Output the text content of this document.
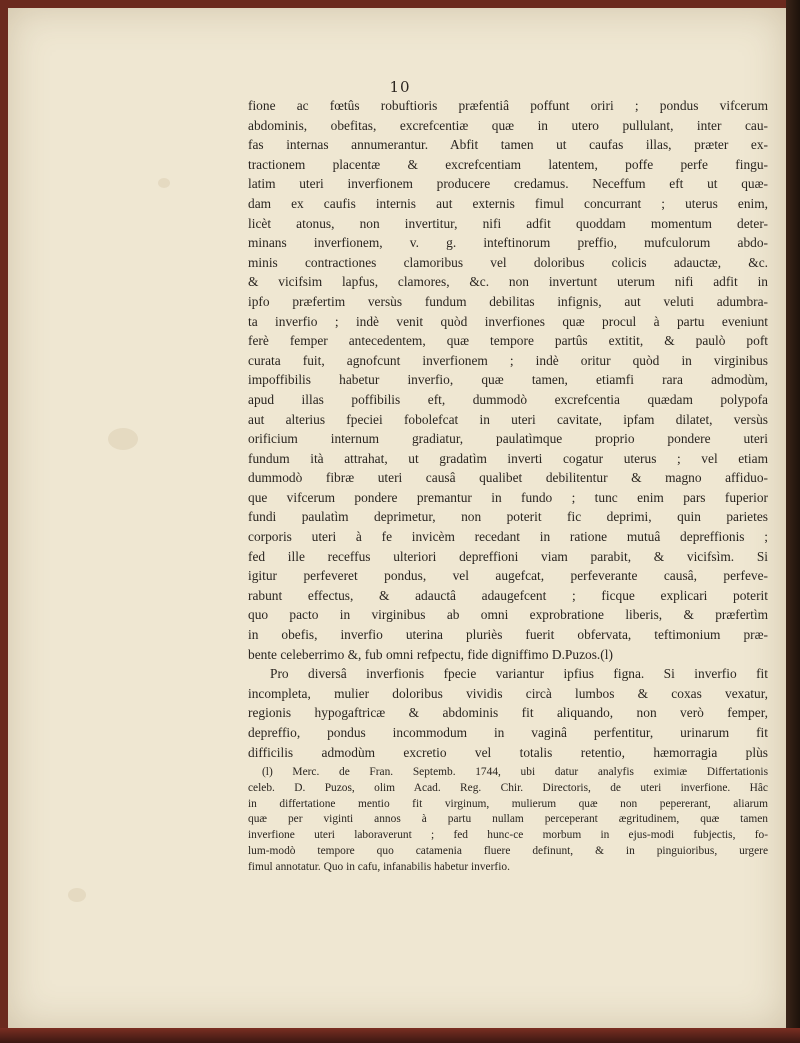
10
fione ac fœtûs robuftioris præfentiâ poffunt oriri ; pondus vifcerum
abdominis, obefitas, excrefcentiæ quæ in utero pullulant, inter cau-
fas internas annumerantur. Abfit tamen ut caufas illas, præter ex-
tractionem placentæ & excrefcentiam latentem, poffe perfe fingu-
latim uteri inverfionem producere credamus. Neceffum eft ut quæ-
dam ex caufis internis aut externis fimul concurrant ; uterus enim,
licèt atonus, non invertitur, nifi adfit quoddam momentum deter-
minans inverfionem, v. g. inteftinorum preffio, mufculorum abdo-
minis contractiones clamoribus vel doloribus colicis adauctæ, &c.
& vicifsim lapfus, clamores, &c. non invertunt uterum nifi adfit in
ipfo præfertim versùs fundum debilitas infignis, aut veluti adumbra-
ta inverfio ; indè venit quòd inverfiones quæ procul à partu eveniunt
ferè femper antecedentem, quæ tempore partûs extitit, & paulò poft
curata fuit, agnofcunt inverfionem ; indè oritur quòd in virginibus
impoffibilis habetur inverfio, quæ tamen, etiamfi rara admodùm,
apud illas poffibilis eft, dummodò excrefcentia quædam polypofa
aut alterius fpeciei fobolefcat in uteri cavitate, ipfam dilatet, versùs
orificium internum gradiatur, paulatìmque proprio pondere uteri
fundum ità attrahat, ut gradatìm inverti cogatur uterus ; vel etiam
dummodò fibræ uteri causâ qualibet debilitentur & magno affiduo-
que vifcerum pondere premantur in fundo ; tunc enim pars fuperior
fundi paulatìm deprimetur, non poterit fic deprimi, quin parietes
corporis uteri à fe invicèm recedant in ratione mutuâ depreffionis ;
fed ille receffus ulteriori depreffioni viam parabit, & vicifsìm. Si
igitur perfeveret pondus, vel augefcat, perfeverante causâ, perfeve-
rabunt effectus, & adauctâ adaugefcent ; ficque explicari poterit
quo pacto in virginibus ab omni exprobratione liberis, & præfertìm
in obefis, inverfio uterina pluriès fuerit obfervata, teftimonium præ-
bente celeberrimo &, fub omni refpectu, fide digniffimo D.Puzos.(l)
Pro diversâ inverfionis fpecie variantur ipfius figna. Si inverfio fit
incompleta, mulier doloribus vividis circà lumbos & coxas vexatur,
regionis hypogaftricæ & abdominis fit aliquando, non verò femper,
depreffio, pondus incommodum in vaginâ perfentitur, urinarum fit
difficilis admodùm excretio vel totalis retentio, hæmorragia plùs
(l) Merc. de Fran. Septemb. 1744, ubi datur analyfis eximiæ Differtationis
celeb. D. Puzos, olim Acad. Reg. Chir. Directoris, de uteri inverfione. Hâc
in differtatione mentio fit virginum, mulierum quæ non pepererant, aliarum
quæ per viginti annos à partu nullam perceperant ægritudinem, quæ tamen
inverfione uteri laboraverunt ; fed hunc-ce morbum in ejus-modi fubjectis, fo-
lum-modò tempore quo catamenia fluere definunt, & in pinguioribus, urgere
fimul annotatur. Quo in cafu, infanabilis habetur inverfio.
